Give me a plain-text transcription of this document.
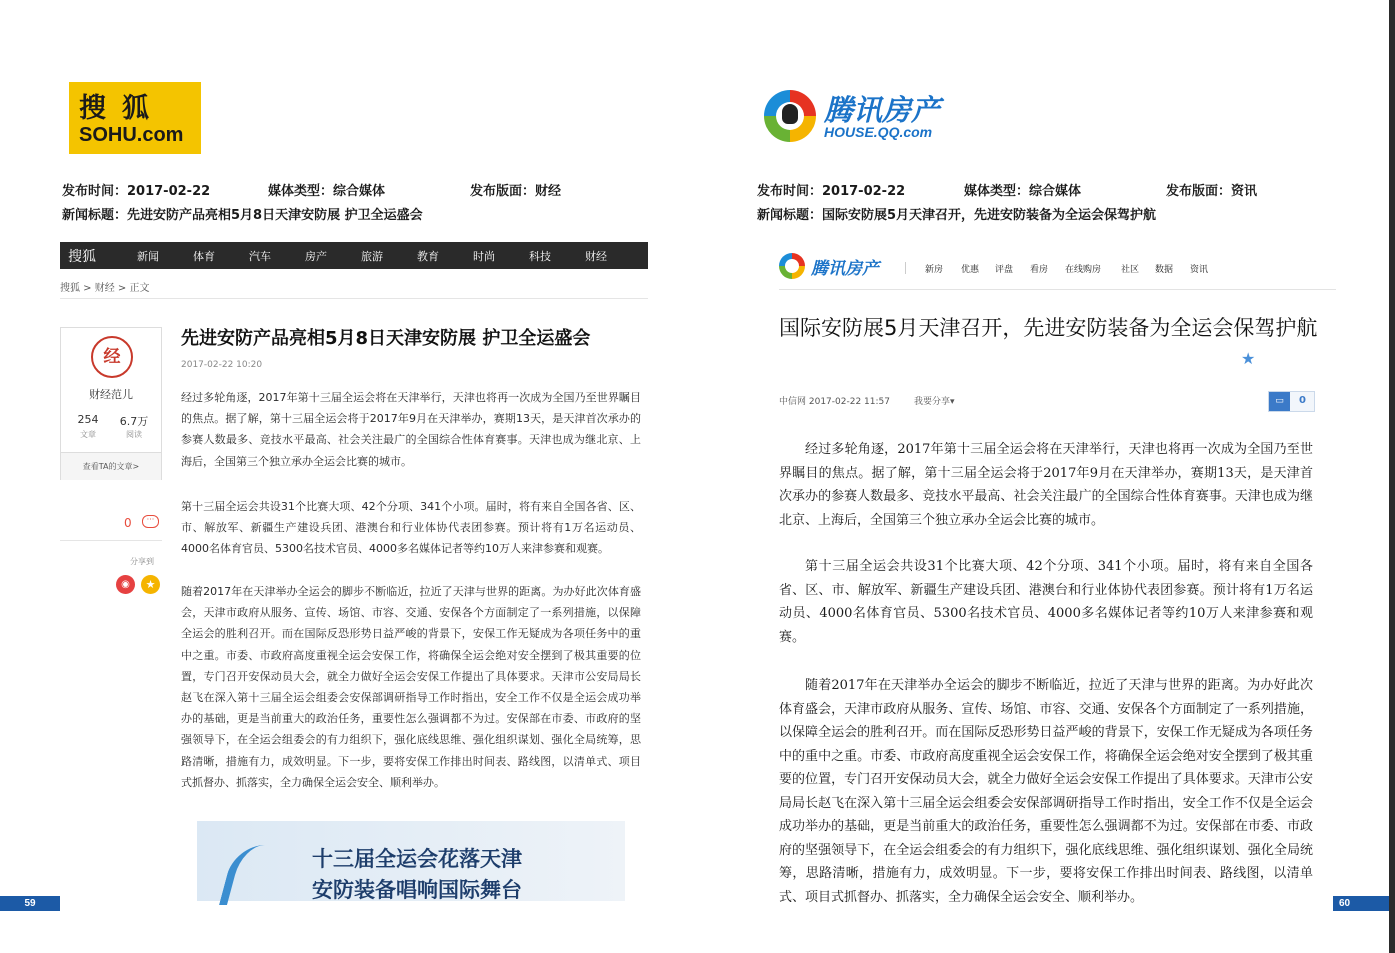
搜狐
SOHU.com
发布时间：2017-02-22	媒体类型：综合媒体	发布版面：财经
新闻标题：先进安防产品亮相5月8日天津安防展 护卫全运盛会
搜狐	新闻	体育	汽车	房产	旅游	教育	时尚	科技	财经
搜狐 > 财经 > 正文
经
财经范儿
254
文章
6.7万
阅读
查看TA的文章>
0	···
分享到
◉	★
先进安防产品亮相5月8日天津安防展 护卫全运盛会
2017-02-22 10:20

经过多轮角逐，2017年第十三届全运会将在天津举行，天津也将再一次成为全国乃至世界瞩目的焦点。据了解，第十三届全运会将于2017年9月在天津举办，赛期13天，是天津首次承办的参赛人数最多、竞技水平最高、社会关注最广的全国综合性体育赛事。天津也成为继北京、上海后，全国第三个独立承办全运会比赛的城市。

第十三届全运会共设31个比赛大项、42个分项、341个小项。届时，将有来自全国各省、区、市、解放军、新疆生产建设兵团、港澳台和行业体协代表团参赛。预计将有1万名运动员、4000名体育官员、5300名技术官员、4000多名媒体记者等约10万人来津参赛和观赛。

随着2017年在天津举办全运会的脚步不断临近，拉近了天津与世界的距离。为办好此次体育盛会，天津市政府从服务、宣传、场馆、市容、交通、安保各个方面制定了一系列措施，以保障全运会的胜利召开。而在国际反恐形势日益严峻的背景下，安保工作无疑成为各项任务中的重中之重。市委、市政府高度重视全运会安保工作，将确保全运会绝对安全摆到了极其重要的位置，专门召开安保动员大会，就全力做好全运会安保工作提出了具体要求。天津市公安局局长赵飞在深入第十三届全运会组委会安保部调研指导工作时指出，安全工作不仅是全运会成功举办的基础，更是当前重大的政治任务，重要性怎么强调都不为过。安保部在市委、市政府的坚强领导下，在全运会组委会的有力组织下，强化底线思维、强化组织谋划、强化全局统筹，思路清晰，措施有力，成效明显。下一步，要将安保工作排出时间表、路线图，以清单式、项目式抓督办、抓落实，全力确保全运会安全、顺利举办。

十三届全运会花落天津
安防装备唱响国际舞台
59
腾讯房产
HOUSE.QQ.com
发布时间：2017-02-22	媒体类型：综合媒体	发布版面：资讯
新闻标题：国际安防展5月天津召开，先进安防装备为全运会保驾护航
腾讯房产	新房 优惠 评盘 看房 在线购房 社区 数据 资讯
国际安防展5月天津召开，先进安防装备为全运会保驾护航
★
中信网 2017-02-22 11:57	我要分享▾	▭	0

经过多轮角逐，2017年第十三届全运会将在天津举行，天津也将再一次成为全国乃至世界瞩目的焦点。据了解，第十三届全运会将于2017年9月在天津举办，赛期13天，是天津首次承办的参赛人数最多、竞技水平最高、社会关注最广的全国综合性体育赛事。天津也成为继北京、上海后，全国第三个独立承办全运会比赛的城市。

第十三届全运会共设31个比赛大项、42个分项、341个小项。届时，将有来自全国各省、区、市、解放军、新疆生产建设兵团、港澳台和行业体协代表团参赛。预计将有1万名运动员、4000名体育官员、5300名技术官员、4000多名媒体记者等约10万人来津参赛和观赛。

随着2017年在天津举办全运会的脚步不断临近，拉近了天津与世界的距离。为办好此次体育盛会，天津市政府从服务、宣传、场馆、市容、交通、安保各个方面制定了一系列措施，以保障全运会的胜利召开。而在国际反恐形势日益严峻的背景下，安保工作无疑成为各项任务中的重中之重。市委、市政府高度重视全运会安保工作，将确保全运会绝对安全摆到了极其重要的位置，专门召开安保动员大会，就全力做好全运会安保工作提出了具体要求。天津市公安局局长赵飞在深入第十三届全运会组委会安保部调研指导工作时指出，安全工作不仅是全运会成功举办的基础，更是当前重大的政治任务，重要性怎么强调都不为过。安保部在市委、市政府的坚强领导下，在全运会组委会的有力组织下，强化底线思维、强化组织谋划、强化全局统筹，思路清晰，措施有力，成效明显。下一步，要将安保工作排出时间表、路线图，以清单式、项目式抓督办、抓落实，全力确保全运会安全、顺利举办。	60
